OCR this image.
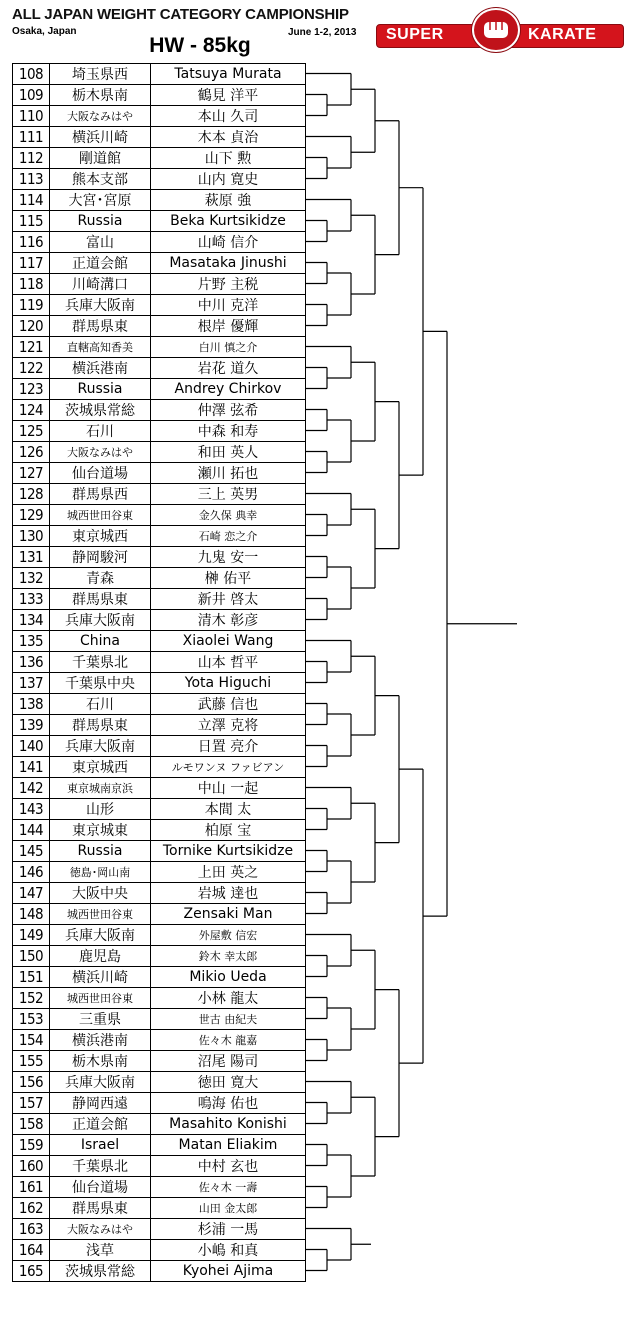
ALL JAPAN WEIGHT CATEGORY CAMPIONSHIP
Osaka, Japan
HW - 85kg
June 1-2, 2013 SUPER	KARATE
108	埼玉県西	Tatsuya Murata
109	栃木県南	鶴見 洋平
110	大阪なみはや	本山 久司
111	横浜川崎	木本 貞治
112	剛道館	山下 勲
113	熊本支部	山内 寛史
114	大宮･宮原	萩原 強
115	Russia	Beka Kurtsikidze
116	富山	山崎 信介
117	正道会館	Masataka Jinushi
118	川崎溝口	片野 主税
119	兵庫大阪南	中川 克洋
120	群馬県東	根岸 優輝
121	直轄高知香美	白川 慎之介
122	横浜港南	岩花 道久
123	Russia	Andrey Chirkov
124	茨城県常総	仲澤 弦希
125	石川	中森 和寿
126	大阪なみはや	和田 英人
127	仙台道場	瀬川 拓也
128	群馬県西	三上 英男
129	城西世田谷東	金久保 典幸
130	東京城西	石崎 恋之介
131	静岡駿河	九鬼 安一
132	青森	榊 佑平
133	群馬県東	新井 啓太
134	兵庫大阪南	清木 彰彦
135	China	Xiaolei Wang
136	千葉県北	山本 哲平
137	千葉県中央	Yota Higuchi
138	石川	武藤 信也
139	群馬県東	立澤 克将
140	兵庫大阪南	日置 亮介
141	東京城西	ルモワンヌ ファビアン
142	東京城南京浜	中山 一起
143	山形	本間 太
144	東京城東	柏原 宝
145	Russia	Tornike Kurtsikidze
146	徳島･岡山南	上田 英之
147	大阪中央	岩城 達也
148	城西世田谷東	Zensaki Man
149	兵庫大阪南	外屋敷 信宏
150	鹿児島	鈴木 幸太郎
151	横浜川崎	Mikio Ueda
152	城西世田谷東	小林 龍太
153	三重県	世古 由紀夫
154	横浜港南	佐々木 龍嘉
155	栃木県南	沼尾 陽司
156	兵庫大阪南	徳田 寛大
157	静岡西遠	鳴海 佑也
158	正道会館	Masahito Konishi
159	Israel	Matan Eliakim
160	千葉県北	中村 玄也
161	仙台道場	佐々木 一壽
162	群馬県東	山田 金太郎
163	大阪なみはや	杉浦 一馬
164	浅草	小嶋 和真
165	茨城県常総	Kyohei Ajima
